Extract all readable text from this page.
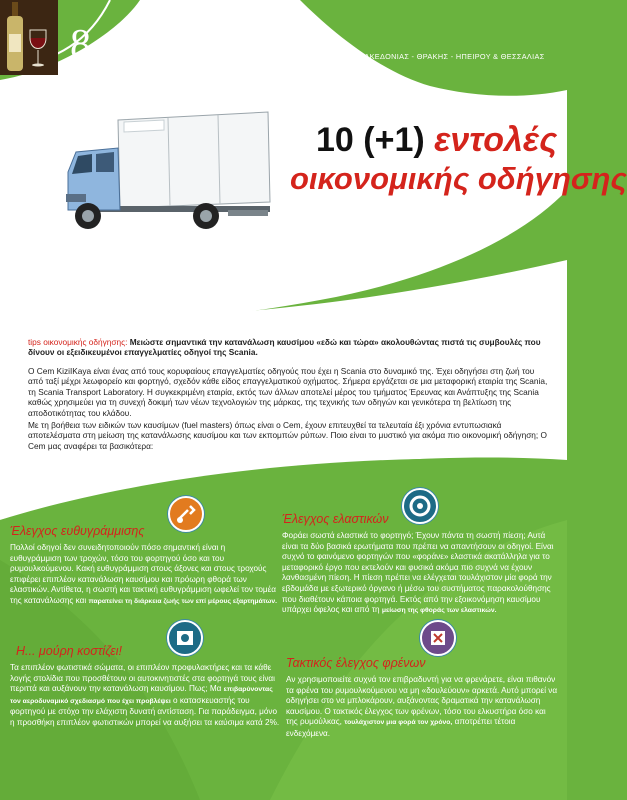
8	Ε.Δ.Ε.Ο.Π. • ΕΝΩΣΗ ΔΙΑΚΙΝΗΤΩΝ ΕΜΠΟΡΩΝ ΟΙΝΩΝ & ΠΟΤΩΝ ΜΑΚΕΔΟΝΙΑΣ - ΘΡΑΚΗΣ - ΗΠΕΙΡΟΥ & ΘΕΣΣΑΛΙΑΣ
10 (+1) εντολές
οικονομικής οδήγησης
tips οικονομικής οδήγησης: Μειώστε σημαντικά την κατανάλωση καυσίμου «εδώ και τώρα» ακολουθώντας πιστά τις συμβουλές που δίνουν οι εξειδικευμένοι επαγγελματίες οδηγοί της Scania.

Ο Cem KiziIKaya είναι ένας από τους κορυφαίους επαγγελματίες οδηγούς που έχει η Scania στο δυναμικό της. Έχει οδηγήσει στη ζωή του από ταξί μέχρι λεωφορείο και φορτηγό, σχεδόν κάθε είδος επαγγελματικού οχήματος. Σήμερα εργάζεται σε μια μεταφορική εταιρία της Scania, τη Scania Transport Laboratory. Η συγκεκριμένη εταιρία, εκτός των άλλων αποτελεί μέρος του τμήματος Έρευνας και Ανάπτυξης της Scania καθώς χρησιμεύει για τη συνεχή δοκιμή των νέων τεχνολογιών της μάρκας, της τεχνικής των οδηγών και γενικότερα τη βελτίωση της αποδοτικότητας του κλάδου.

Με τη βοήθεια των ειδικών των καυσίμων (fuel masters) όπως είναι ο Cem, έχουν επιτευχθεί τα τελευταία έξι χρόνια εντυπωσιακά αποτελέσματα στη μείωση της κατανάλωσης καυσίμου και των εκπομπών ρύπων. Ποιο είναι το μυστικό για ακόμα πιο οικονομική οδήγηση; Ο Cem μας αναφέρει τα βασικότερα:

Έλεγχος ευθυγράμμισης
Πολλοί οδηγοί δεν συνειδητοποιούν πόσο σημαντική είναι η ευθυγράμμιση των τροχών, τόσο του φορτηγού όσο και του ρυμουλκούμενου. Κακή ευθυγράμμιση στους άξονες και στους τροχούς επιφέρει επιπλέον κατανάλωση καυσίμου και πρόωρη φθορά των ελαστικών. Αντίθετα, η σωστή και τακτική ευθυγράμμιση ωφελεί τον τομέα της κατανάλωσης και παρατείνει τη διάρκεια ζωής των επί μέρους εξαρτημάτων.
Έλεγχος ελαστικών
Φοράει σωστά ελαστικά το φορτηγό; Έχουν πάντα τη σωστή πίεση; Αυτά είναι τα δύο βασικά ερωτήματα που πρέπει να απαντήσουν οι οδηγοί. Είναι συχνό το φαινόμενο φορτηγών που «φοράνε» ελαστικά ακατάλληλα για το μεταφορικό έργο που εκτελούν και φυσικά ακόμα πιο συχνά να έχουν λανθασμένη πίεση. Η πίεση πρέπει να ελέγχεται τουλάχιστον μία φορά την εβδομάδα με εξωτερικό όργανο ή μέσω του συστήματος παρακολούθησης που διαθέτουν κάποια φορτηγά. Εκτός από την εξοικονόμηση καυσίμου υπάρχει όφελος και από τη μείωση της φθοράς των ελαστικών.
Η... μούρη κοστίζει!
Τα επιπλέον φωτιστικά σώματα, οι επιπλέον προφυλακτήρες και τα κάθε λογής στολίδια που προσθέτουν οι αυτοκινητιστές στα φορτηγά τους είναι περιττά και αυξάνουν την κατανάλωση καυσίμου. Πως; Μα επιβαρύνοντας τον αεροδυναμικό σχεδιασμό που έχει προβλέψει ο κατασκευαστής του φορτηγού με στόχο την ελάχιστη δυνατή αντίσταση. Για παράδειγμα, μόνο η προσθήκη επιπλέον φωτιστικών μπορεί να αυξήσει τα καύσιμα κατά 2%.
Τακτικός έλεγχος φρένων
Αν χρησιμοποιείτε συχνά τον επιβραδυντή για να φρενάρετε, είναι πιθανόν τα φρένα του ρυμουλκούμενου να μη «δουλεύουν» αρκετά. Αυτό μπορεί να οδηγήσει στο να μπλοκάρουν, αυξάνοντας δραματικά την κατανάλωση καυσίμου. Ο τακτικός έλεγχος των φρένων, τόσο του ελκυστήρα όσο και της ρυμούλκας, τουλάχιστον μια φορά τον χρόνο, αποτρέπει τέτοια ενδεχόμενα.
